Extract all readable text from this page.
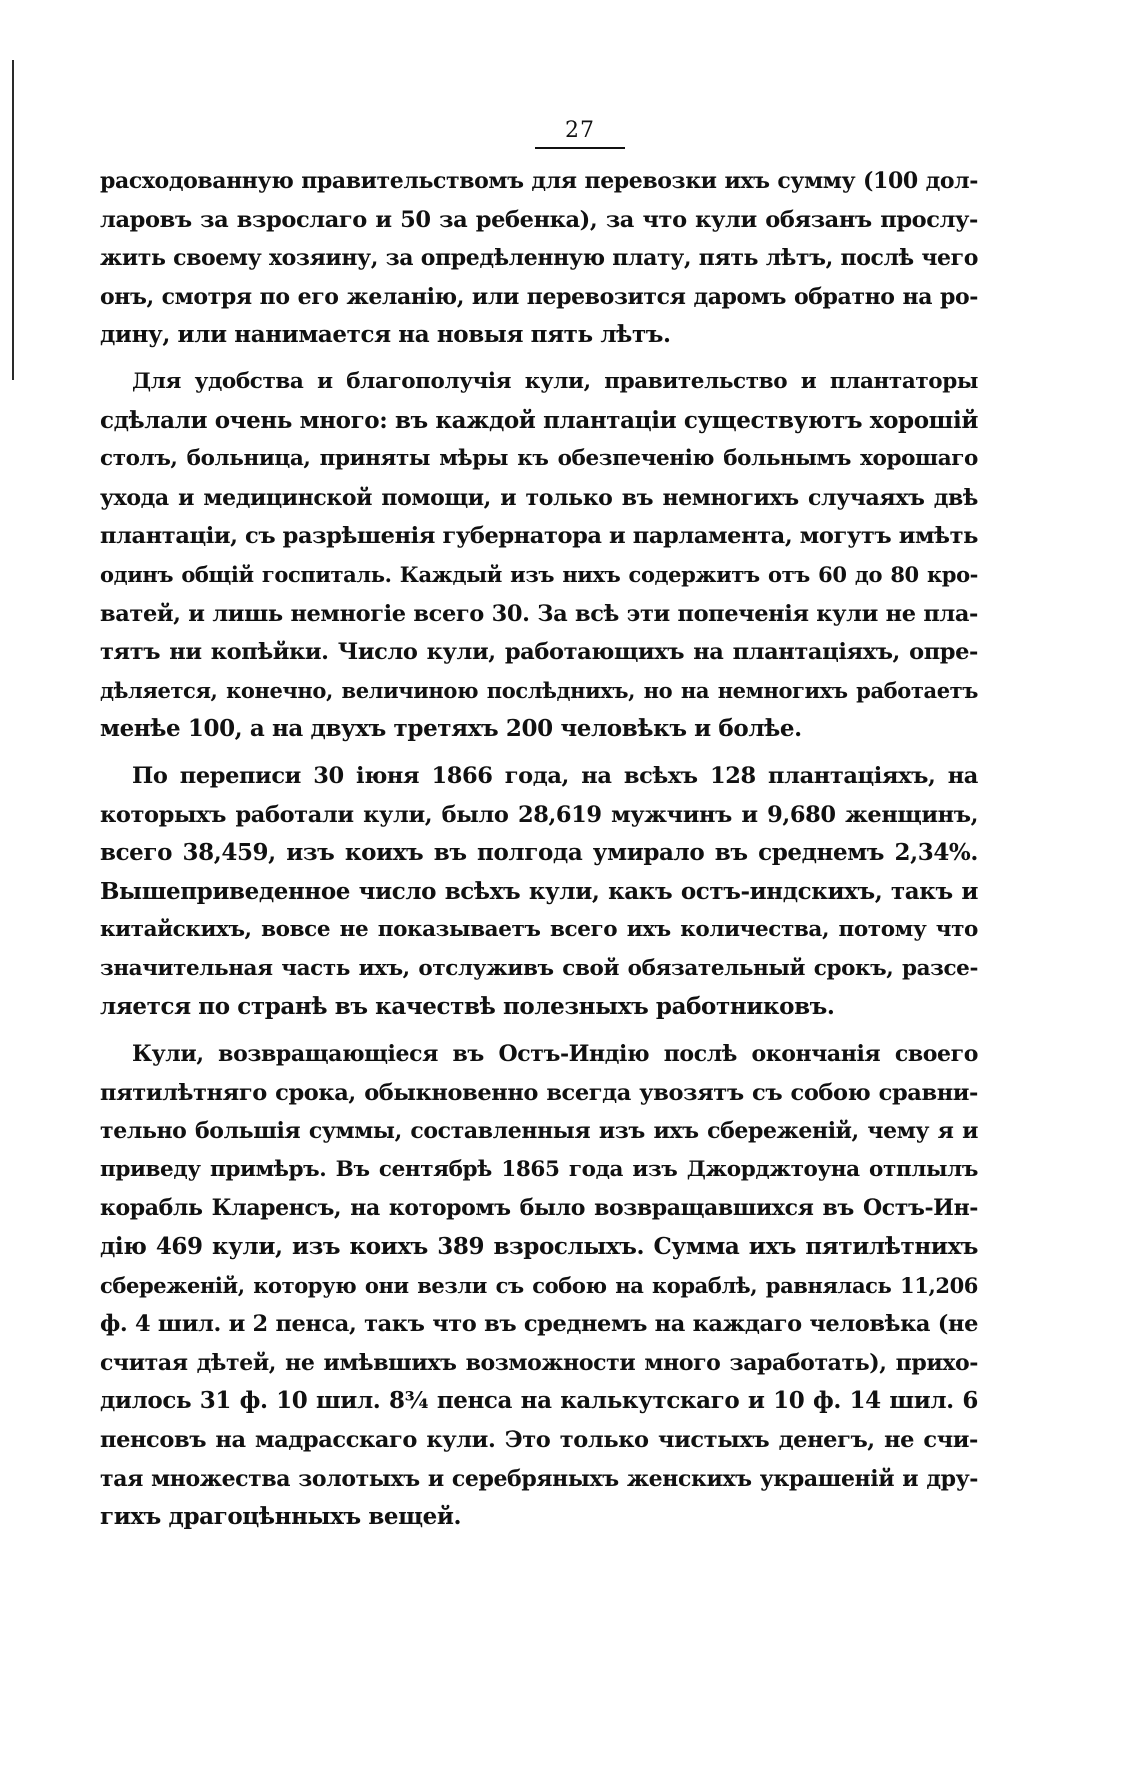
27
расходованную правительствомъ для перевозки ихъ сумму (100 дол-
ларовъ за взрослаго и 50 за ребенка), за что кули обязанъ прослу-
жить своему хозяину, за опредѣленную плату, пять лѣтъ, послѣ чего
онъ, смотря по его желанію, или перевозится даромъ обратно на ро-
дину, или нанимается на новыя пять лѣтъ.
Для удобства и благополучія кули, правительство и плантаторы
сдѣлали очень много: въ каждой плантаціи существуютъ хорошій
столъ, больница, приняты мѣры къ обезпеченію больнымъ хорошаго
ухода и медицинской помощи, и только въ немногихъ случаяхъ двѣ
плантаціи, съ разрѣшенія губернатора и парламента, могутъ имѣть
одинъ общій госпиталь. Каждый изъ нихъ содержитъ отъ 60 до 80 кро-
ватей, и лишь немногіе всего 30. За всѣ эти попеченія кули не пла-
тятъ ни копѣйки. Число кули, работающихъ на плантаціяхъ, опре-
дѣляется, конечно, величиною послѣднихъ, но на немногихъ работаетъ
менѣе 100, а на двухъ третяхъ 200 человѣкъ и болѣе.
По переписи 30 іюня 1866 года, на всѣхъ 128 плантаціяхъ, на
которыхъ работали кули, было 28,619 мужчинъ и 9,680 женщинъ,
всего 38,459, изъ коихъ въ полгода умирало въ среднемъ 2,34%.
Вышеприведенное число всѣхъ кули, какъ остъ-индскихъ, такъ и
китайскихъ, вовсе не показываетъ всего ихъ количества, потому что
значительная часть ихъ, отслуживъ свой обязательный срокъ, разсе-
ляется по странѣ въ качествѣ полезныхъ работниковъ.
Кули, возвращающіеся въ Остъ-Индію послѣ окончанія своего
пятилѣтняго срока, обыкновенно всегда увозятъ съ собою сравни-
тельно большія суммы, составленныя изъ ихъ сбереженій, чему я и
приведу примѣръ. Въ сентябрѣ 1865 года изъ Джорджтоуна отплылъ
корабль Кларенсъ, на которомъ было возвращавшихся въ Остъ-Ин-
дію 469 кули, изъ коихъ 389 взрослыхъ. Сумма ихъ пятилѣтнихъ
сбереженій, которую они везли съ собою на кораблѣ, равнялась 11,206
ф. 4 шил. и 2 пенса, такъ что въ среднемъ на каждаго человѣка (не
считая дѣтей, не имѣвшихъ возможности много заработать), прихо-
дилось 31 ф. 10 шил. 8¾ пенса на калькутскаго и 10 ф. 14 шил. 6
пенсовъ на мадрасскаго кули. Это только чистыхъ денегъ, не счи-
тая множества золотыхъ и серебряныхъ женскихъ украшеній и дру-
гихъ драгоцѣнныхъ вещей.
